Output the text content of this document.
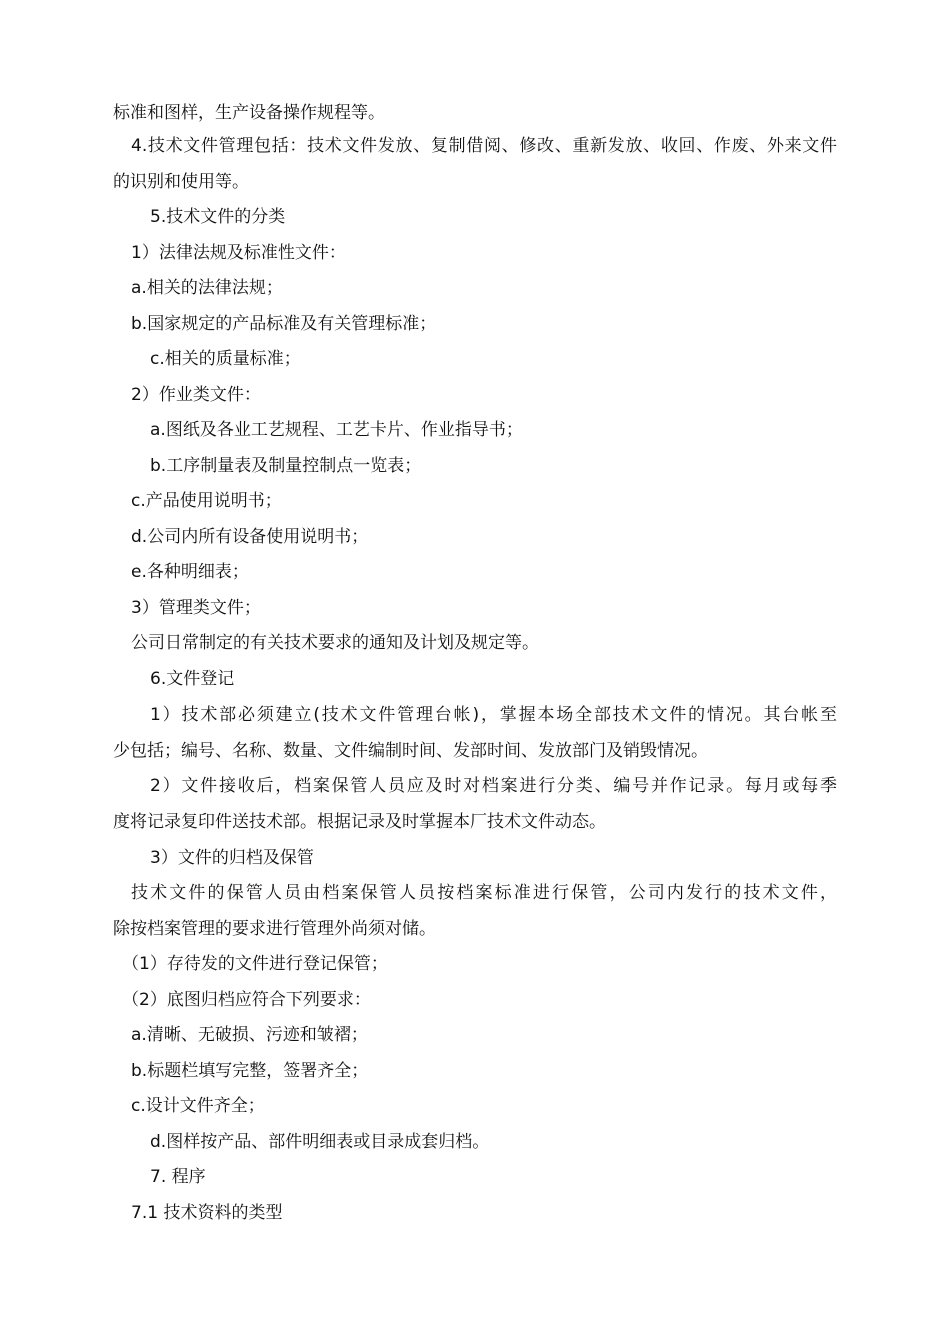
标准和图样，生产设备操作规程等。
4.技术文件管理包括：技术文件发放、复制借阅、修改、重新发放、收回、作废、外来文件
的识别和使用等。
5.技术文件的分类
1）法律法规及标准性文件：
a.相关的法律法规；
b.国家规定的产品标准及有关管理标准；
c.相关的质量标准；
2）作业类文件：
a.图纸及各业工艺规程、工艺卡片、作业指导书；
b.工序制量表及制量控制点一览表；
c.产品使用说明书；
d.公司内所有设备使用说明书；
e.各种明细表；
3）管理类文件；
公司日常制定的有关技术要求的通知及计划及规定等。
6.文件登记
1）技术部必须建立(技术文件管理台帐)，掌握本场全部技术文件的情况。其台帐至
少包括；编号、名称、数量、文件编制时间、发部时间、发放部门及销毁情况。
2）文件接收后，档案保管人员应及时对档案进行分类、编号并作记录。每月或每季
度将记录复印件送技术部。根据记录及时掌握本厂技术文件动态。
3）文件的归档及保管
技术文件的保管人员由档案保管人员按档案标准进行保管，公司内发行的技术文件，
除按档案管理的要求进行管理外尚须对储。
（1）存待发的文件进行登记保管；
（2）底图归档应符合下列要求：
a.清晰、无破损、污迹和皱褶；
b.标题栏填写完整，签署齐全；
c.设计文件齐全；
d.图样按产品、部件明细表或目录成套归档。
7. 程序
7.1 技术资料的类型
